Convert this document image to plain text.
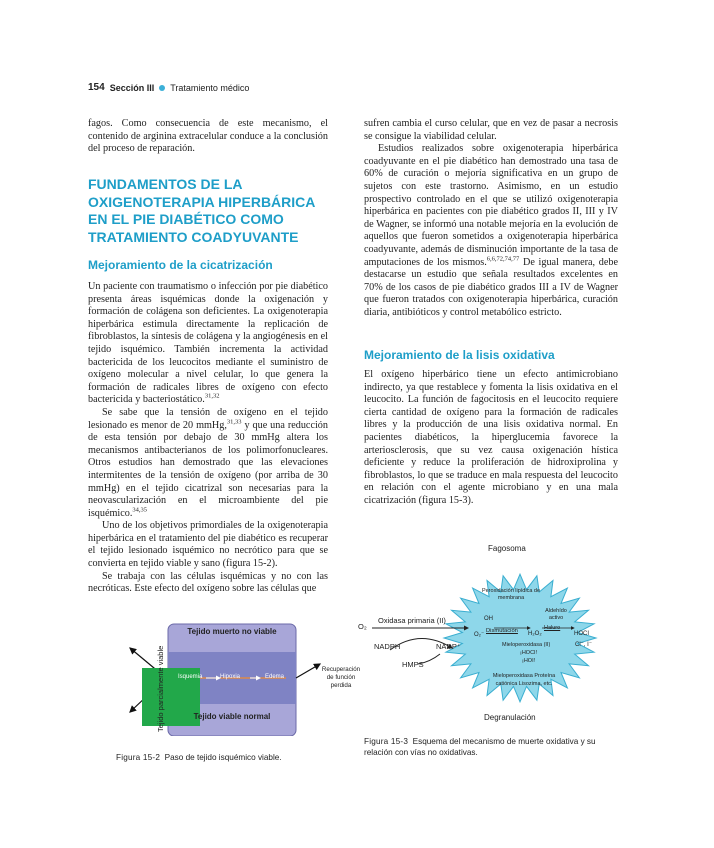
154 Sección III Tratamiento médico

fagos. Como consecuencia de este mecanismo, el contenido de arginina extracelular conduce a la conclusión del proceso de reparación.

FUNDAMENTOS DE LA OXIGENOTERAPIA HIPERBÁRICA EN EL PIE DIABÉTICO COMO TRATAMIENTO COADYUVANTE
Mejoramiento de la cicatrización

Un paciente con traumatismo o infección por pie diabético presenta áreas isquémicas donde la oxigenación y formación de colágena son deficientes. La oxigenoterapia hiperbárica estimula directamente la replicación de fibroblastos, la síntesis de colágena y la angiogénesis en el tejido isquémico. También incrementa la actividad bactericida de los leucocitos mediante el suministro de oxígeno molecular a nivel celular, lo que genera la formación de radicales libres de oxígeno con efecto bactericida y bacteriostático.$^{31,32}$

Se sabe que la tensión de oxígeno en el tejido lesionado es menor de 20 mmHg,$^{31,33}$ y que una reducción de esta tensión por debajo de 30 mmHg altera los mecanismos antibacterianos de los polimorfonucleares. Otros estudios han demostrado que las elevaciones intermitentes de la tensión de oxígeno (por arriba de 30 mmHg) en el tejido cicatrizal son necesarias para la neovascularización en el microambiente del pie isquémico.$^{34,35}$

Uno de los objetivos primordiales de la oxigenoterapia hiperbárica en el tratamiento del pie diabético es recuperar el tejido lesionado isquémico no necrótico para que se convierta en tejido viable y sano (figura 15-2).

Se trabaja con las células isquémicas y no con las necróticas. Este efecto del oxígeno sobre las células que

sufren cambia el curso celular, que en vez de pasar a necrosis se consigue la viabilidad celular.

Estudios realizados sobre oxigenoterapia hiperbárica coadyuvante en el pie diabético han demostrado una tasa de 60% de curación o mejoría significativa en un grupo de sujetos con este trastorno. Asimismo, en un estudio prospectivo controlado en el que se utilizó oxigenoterapia hiperbárica en pacientes con pie diabético grados II, III y IV de Wagner, se informó una notable mejoría en la evolución de aquellos que fueron sometidos a oxigenoterapia hiperbárica coadyuvante, además de disminución importante de la tasa de amputaciones de los mismos.$^{6,6,72,74,77}$ De igual manera, debe destacarse un estudio que señala resultados excelentes en 70% de los casos de pie diabético grados III a IV de Wagner que fueron tratados con oxigenoterapia hiperbárica, curación diaria, antibióticos y control metabólico estricto.

Mejoramiento de la lisis oxidativa

El oxígeno hiperbárico tiene un efecto antimicrobiano indirecto, ya que restablece y fomenta la lisis oxidativa en el leucocito. La función de fagocitosis en el leucocito requiere cierta cantidad de oxígeno para la formación de radicales libres y la producción de una lisis oxidativa normal. En pacientes diabéticos, la hiperglucemia favorece la arteriosclerosis, que su vez causa oxigenación hística deficiente y reduce la proliferación de hidroxiprolina y fibroblastos, lo que se traduce en mala respuesta del leucocito en relación con el agente microbiano y en una mala cicatrización (figura 15-3).

Tejido muerto no viable
Tejido viable normal
Isquemia	Hipoxia	Edema
Recuperación de función perdida
Tejido parcialmente viable
Figura 15-2 Paso de tejido isquémico viable.
Fagosoma
O₂
Oxidasa primaria (II)
NADPH	NADP⁺
HMPS
Peroxidación lipídica de membrana
OH
Aldehído activo
O₂⁻
Dismutación H₂O₂
Haluro
HOCI
Cl⁻, I⁻
Mieloperoxidasa (II)
¡HOCI!
¡HOI!
Mieloperoxidasa Proteína catiónica Lisozima, etc.
Degranulación
Figura 15-3 Esquema del mecanismo de muerte oxidativa y su relación con vías no oxidativas.
